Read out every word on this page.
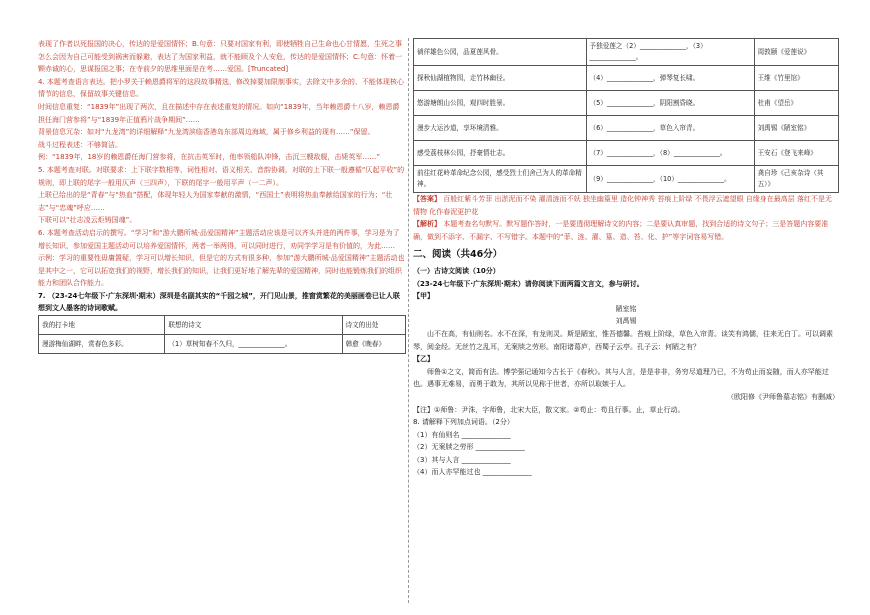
表现了作者以死报国的决心，传达的是爱国情怀；B.句意：只要对国家有利，即使牺牲自己生命也心甘情愿，生死之事怎么会因为自己可能受到祸害而躲避，表达了为国家利益，就不能顾及个人安危，传达的是爱国情怀；C.句意：怀着一颗赤诚的心，思谋报国之事；在寺前夕的思维里面是在考……爱国。[Truncated]

4. 本题考查语言表达。把小罗关于赖恩爵将军的这段故事精选，修改掉要加限制事实，去除文中多余的、不能体现核心情节的信息，保留故事关键信息。

时间信息重复：“1839年”出现了两次，且在描述中存在表述重复的情况。如向“1839年，当年赖恩爵十八岁，赖恩爵担任海门营参将”与“1839年正值鸦片战争期间”……

背景信息冗杂：如对“九龙湾”的详细解释“九龙湾滨临香港岛东部周边海域，属于修乡利益的现有……”保留。

战斗过程表述：不够简洁。

例：“1839年，18岁的赖恩爵任海门营参将，在抗击英军时，他率领船队冲锋，击沉三艘敌舰，击毙英军……”

5. 本题考查对联。对联要求：上下联字数相等、词性相对、语义相关、音韵协调，对联的上下联一般遵循“仄起平收”的规则，即上联的尾字一般用仄声（三四声），下联的尾字一般用平声（一二声）。

上联已给出的是“青春”与“热血”搭配，体现年轻人为国家奉献的激情，“西国土”表明将热血奉献给国家的行为；“壮志”与“忠魂”呼应……

下联可以“壮志凌云炬铸国魂”。

6. 本题考查活动启示的撰写。“学习”和“游大鹏所城·品爱国精神”主题活动应该是可以齐头并进的两件事，学习是为了增长知识，参加爱国主题活动可以培养爱国情怀，两者一举两得，可以同时进行，劝同学学习是有价值的，为此……

示例：学习的重要性毋庸置疑，学习可以增长知识，但是它的方式有很多种，参加“游大鹏所城·品爱国精神”主题活动也是其中之一，它可以拓宽我们的视野，增长我们的知识，让我们更好地了解先辈的爱国精神，同时也能锻炼我们的组织能力和团队合作能力。

7. （23-24七年级下·广东深圳·期末）深圳是名副其实的“千园之城”，开门见山景，推窗赏繁花的美丽画卷已让人联想到文人墨客的诗词歌赋。

我的打卡地	联想的诗文	诗文的出处
漫游梅仙湖畔，赏春色多彩。	（1）草树知春不久归，______________。	韩愈《晚春》
徜徉雄色公园，品夏莲风骨。	予独爱莲之（2）______________，（3）______________。	周敦颐《爱莲说》
探秋仙湖植物园，走竹林幽径。	（4）______________，弹琴复长啸。	王维《竹里馆》
悠游塘朗山公园，观四时胜景。	（5）______________，阴阳割昏晓。	杜甫《望岳》
漫步大运沙道，享环境清雅。	（6）______________，草色入帘青。	刘禹锡《陋室铭》
感受荔枝林公园，抒豪情壮志。	（7）______________，（8）______________。	王安石《登飞来峰》
前往红花岭革命纪念公园，感受烈士们舍己为人的革命精神。	（9）______________，（10）______________。	龚自珍《己亥杂诗（其五）》

【答案】 百般红紫斗芳菲 出淤泥而不染 濯清涟而不妖 独坐幽篁里 造化钟神秀 苔痕上阶绿 不畏浮云遮望眼 自缘身在最高层 落红不是无情物 化作春泥更护花

【解析】 本题考查名句默写。默写题作答时，一是要透彻理解诗文的内容；二是要认真审题，找到合适的诗文句子；三是答题内容要准确，做到不添字、不漏字、不写错字。本题中的“菲、涟、濯、篁、造、苔、化、护”等字词容易写错。

二、阅读（共46分）

（一）古诗文阅读（10分）

（23-24七年级下·广东深圳·期末）请你阅读下面两篇文言文，参与研讨。

【甲】

陋室铭

刘禹锡

山不在高，有仙则名。水不在深，有龙则灵。斯是陋室，惟吾德馨。苔痕上阶绿，草色入帘青。谈笑有鸿儒，往来无白丁。可以调素琴，阅金经。无丝竹之乱耳，无案牍之劳形。南阳诸葛庐，西蜀子云亭。孔子云：何陋之有？

【乙】

师鲁①之文，简而有法。博学强记通知今古长于《春秋》。其与人言，是是非非，务穷尽道理乃已，不为苟止而妄随，而人亦罕能过也。遇事无难易，而勇于敢为，其所以见称于世者，亦所以取嫉于人。

（欧阳修《尹师鲁墓志铭》有删减）

【注】①师鲁：尹洙，字师鲁，北宋大臣，散文家。②苟止：苟且行事。止，草止行动。

8. 请解释下列加点词语。（2分）

（1）有仙则名 ______________

（2）无案牍之劳形 ______________

（3）其与人言 ______________

（4）而人亦罕能过也 ______________
